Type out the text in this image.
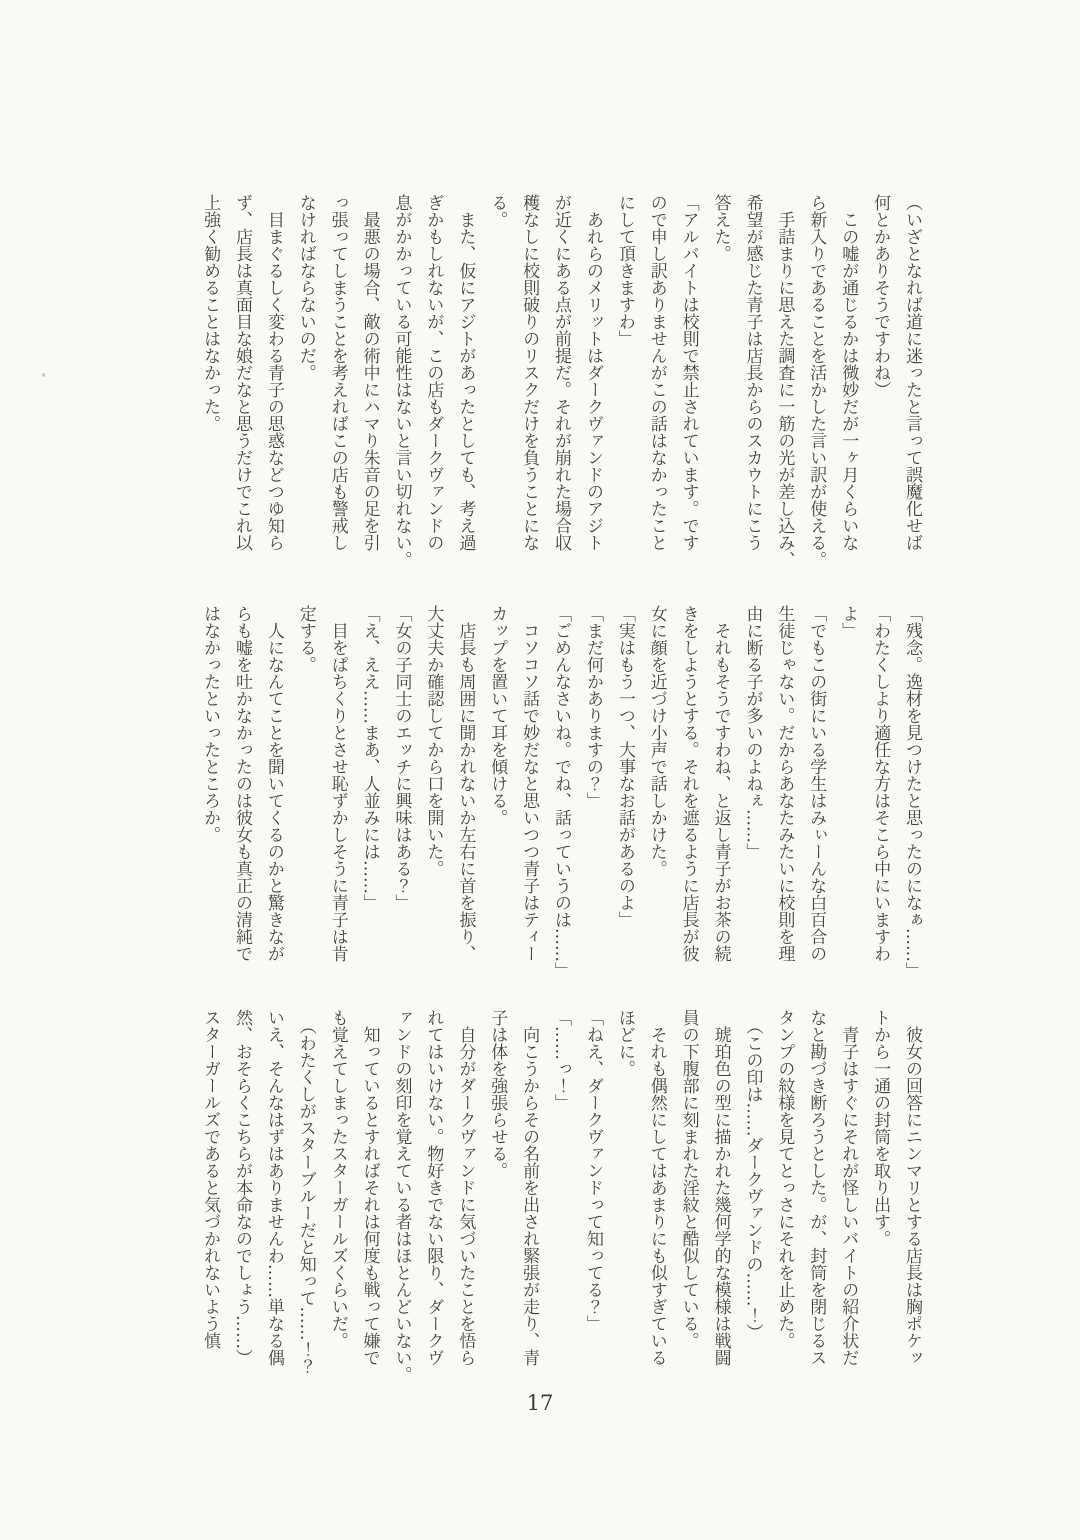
（いざとなれば道に迷ったと言って誤魔化せば
何とかありそうですわね）
　この嘘が通じるかは微妙だが一ヶ月くらいな
ら新入りであることを活かした言い訳が使える。
　手詰まりに思えた調査に一筋の光が差し込み、
希望が感じた青子は店長からのスカウトにこう
答えた。
「アルバイトは校則で禁止されています。です
ので申し訳ありませんがこの話はなかったこと
にして頂きますわ」
　あれらのメリットはダークヴァンドのアジト
が近くにある点が前提だ。それが崩れた場合収
穫なしに校則破りのリスクだけを負うことにな
る。
　また、仮にアジトがあったとしても、考え過
ぎかもしれないが、この店もダークヴァンドの
息がかかっている可能性はないと言い切れない。
　最悪の場合、敵の術中にハマり朱音の足を引
っ張ってしまうことを考えればこの店も警戒し
なければならないのだ。
　目まぐるしく変わる青子の思惑などつゆ知ら
ず、店長は真面目な娘だなと思うだけでこれ以
上強く勧めることはなかった。
「残念。逸材を見つけたと思ったのになぁ……」
「わたくしより適任な方はそこら中にいますわ
よ」
「でもこの街にいる学生はみぃーんな白百合の
生徒じゃない。だからあなたみたいに校則を理
由に断る子が多いのよねぇ……」
　それもそうですわね、と返し青子がお茶の続
きをしようとする。それを遮るように店長が彼
女に顔を近づけ小声で話しかけた。
「実はもう一つ、大事なお話があるのよ」
「まだ何かありますの？」
「ごめんなさいね。でね、話っていうのは……」
　コソコソ話で妙だなと思いつつ青子はティー
カップを置いて耳を傾ける。
　店長も周囲に聞かれないか左右に首を振り、
大丈夫か確認してから口を開いた。
「女の子同士のエッチに興味はある？」
「え、ええ……まあ、人並みには……」
　目をぱちくりとさせ恥ずかしそうに青子は肯
定する。
　人になんてことを聞いてくるのかと驚きなが
らも嘘を吐かなかったのは彼女も真正の清純で
はなかったといったところか。
　彼女の回答にニンマリとする店長は胸ポケッ
トから一通の封筒を取り出す。
　青子はすぐにそれが怪しいバイトの紹介状だ
なと勘づき断ろうとした。が、封筒を閉じるス
タンプの紋様を見てとっさにそれを止めた。
　（この印は……ダークヴァンドの……！）
　琥珀色の型に描かれた幾何学的な模様は戦闘
員の下腹部に刻まれた淫紋と酷似している。
　それも偶然にしてはあまりにも似すぎている
ほどに。
「ねえ、ダークヴァンドって知ってる？」
「……っ！」
　向こうからその名前を出され緊張が走り、青
子は体を強張らせる。
　自分がダークヴァンドに気づいたことを悟ら
れてはいけない。物好きでない限り、ダークヴ
ァンドの刻印を覚えている者はほとんどいない。
　知っているとすればそれは何度も戦って嫌で
も覚えてしまったスターガールズくらいだ。
　（わたくしがスターブルーだと知って……！？
いえ、そんなはずはありませんわ……単なる偶
然、おそらくこちらが本命なのでしょう……）
スターガールズであると気づかれないよう慎
17
